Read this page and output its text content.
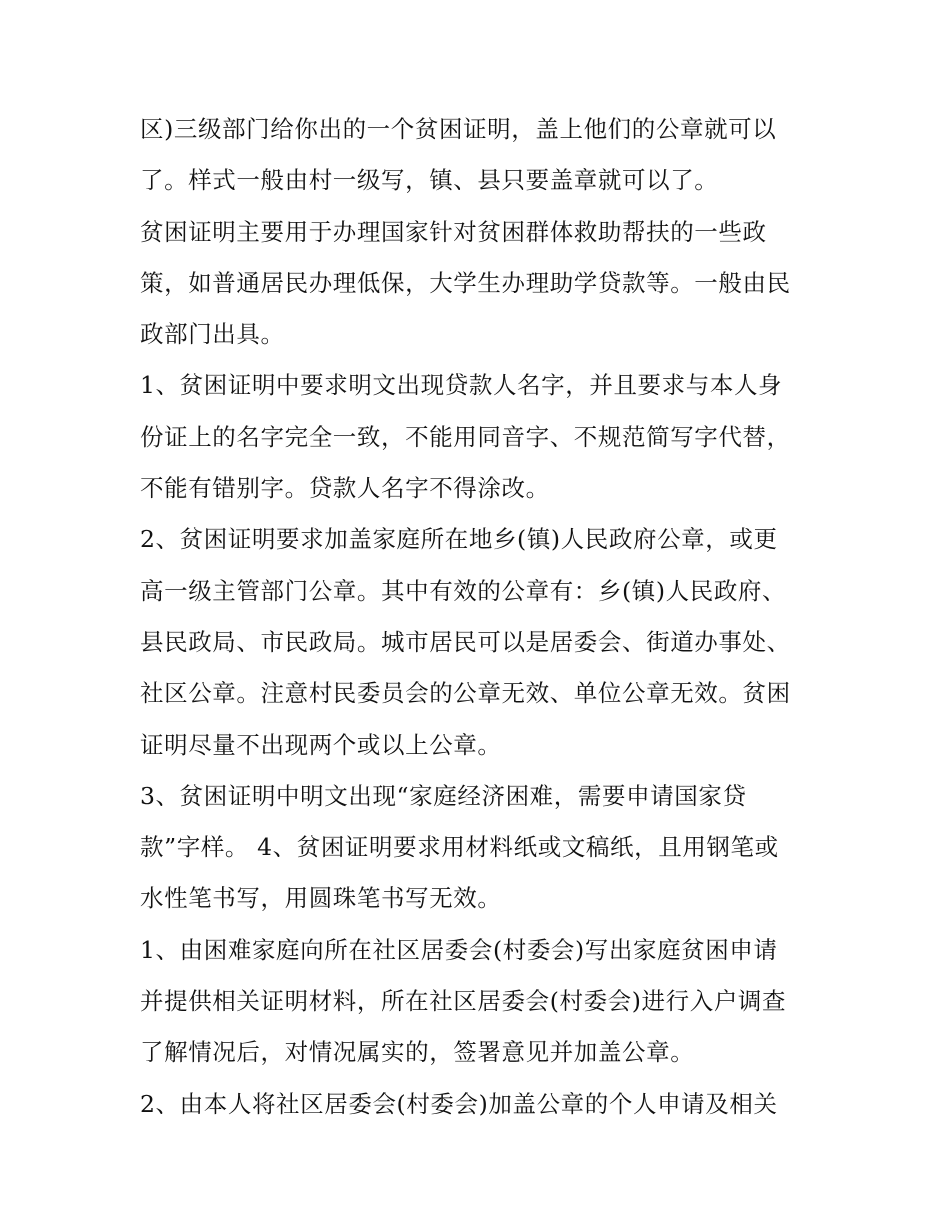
区)三级部门给你出的一个贫困证明，盖上他们的公章就可以
了。样式一般由村一级写，镇、县只要盖章就可以了。
贫困证明主要用于办理国家针对贫困群体救助帮扶的一些政
策，如普通居民办理低保，大学生办理助学贷款等。一般由民
政部门出具。
1、贫困证明中要求明文出现贷款人名字，并且要求与本人身
份证上的名字完全一致，不能用同音字、不规范简写字代替，
不能有错别字。贷款人名字不得涂改。
2、贫困证明要求加盖家庭所在地乡(镇)人民政府公章，或更
高一级主管部门公章。其中有效的公章有：乡(镇)人民政府、
县民政局、市民政局。城市居民可以是居委会、街道办事处、
社区公章。注意村民委员会的公章无效、单位公章无效。贫困
证明尽量不出现两个或以上公章。
3、贫困证明中明文出现“家庭经济困难，需要申请国家贷
款”字样。 4、贫困证明要求用材料纸或文稿纸，且用钢笔或
水性笔书写，用圆珠笔书写无效。
1、由困难家庭向所在社区居委会(村委会)写出家庭贫困申请
并提供相关证明材料，所在社区居委会(村委会)进行入户调查
了解情况后，对情况属实的，签署意见并加盖公章。
2、由本人将社区居委会(村委会)加盖公章的个人申请及相关
